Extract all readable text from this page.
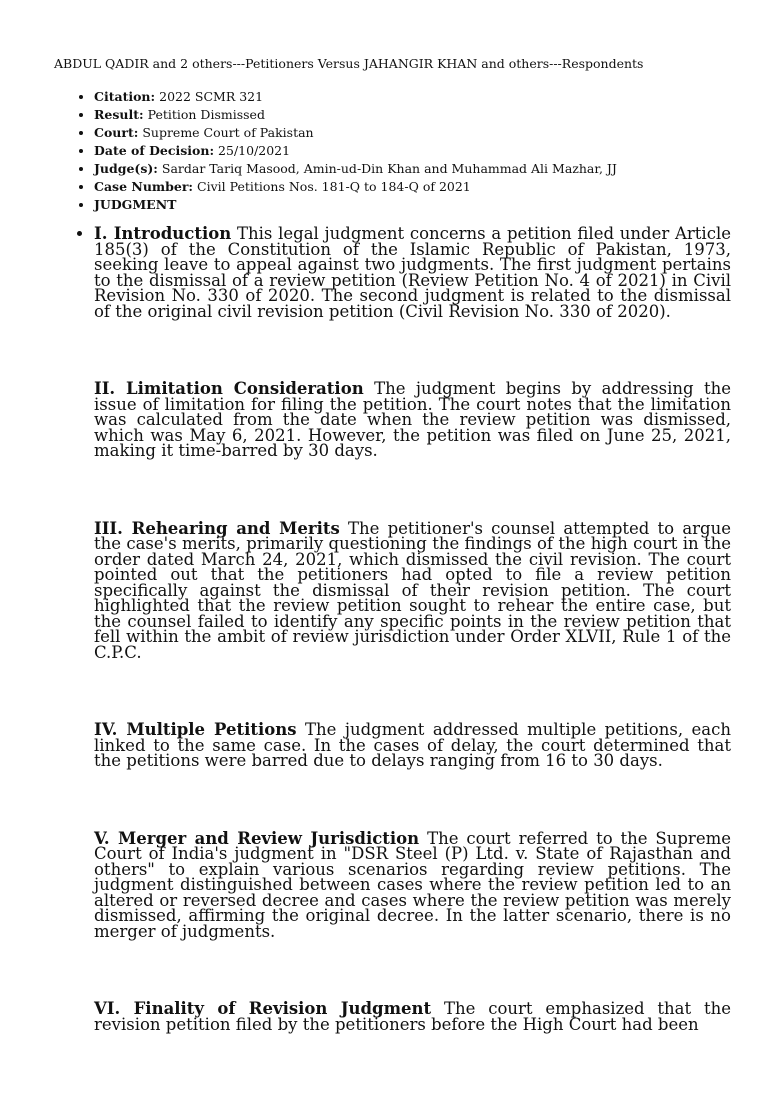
ABDUL QADIR and 2 others---Petitioners Versus JAHANGIR KHAN and others---Respondents
• Citation: 2022 SCMR 321
• Result: Petition Dismissed
• Court: Supreme Court of Pakistan
• Date of Decision: 25/10/2021
• Judge(s): Sardar Tariq Masood, Amin-ud-Din Khan and Muhammad Ali Mazhar, JJ
• Case Number: Civil Petitions Nos. 181-Q to 184-Q of 2021
• JUDGMENT
• I. Introduction This legal judgment concerns a petition filed under Article 185(3) of the Constitution of the Islamic Republic of Pakistan, 1973, seeking leave to appeal against two judgments. The first judgment pertains to the dismissal of a review petition (Review Petition No. 4 of 2021) in Civil Revision No. 330 of 2020. The second judgment is related to the dismissal of the original civil revision petition (Civil Revision No. 330 of 2020).
II. Limitation Consideration The judgment begins by addressing the issue of limitation for filing the petition. The court notes that the limitation was calculated from the date when the review petition was dismissed, which was May 6, 2021. However, the petition was filed on June 25, 2021, making it time-barred by 30 days.
III. Rehearing and Merits The petitioner's counsel attempted to argue the case's merits, primarily questioning the findings of the high court in the order dated March 24, 2021, which dismissed the civil revision. The court pointed out that the petitioners had opted to file a review petition specifically against the dismissal of their revision petition. The court highlighted that the review petition sought to rehear the entire case, but the counsel failed to identify any specific points in the review petition that fell within the ambit of review jurisdiction under Order XLVII, Rule 1 of the C.P.C.
IV. Multiple Petitions The judgment addressed multiple petitions, each linked to the same case. In the cases of delay, the court determined that the petitions were barred due to delays ranging from 16 to 30 days.
V. Merger and Review Jurisdiction The court referred to the Supreme Court of India's judgment in "DSR Steel (P) Ltd. v. State of Rajasthan and others" to explain various scenarios regarding review petitions. The judgment distinguished between cases where the review petition led to an altered or reversed decree and cases where the review petition was merely dismissed, affirming the original decree. In the latter scenario, there is no merger of judgments.
VI. Finality of Revision Judgment The court emphasized that the revision petition filed by the petitioners before the High Court had been
